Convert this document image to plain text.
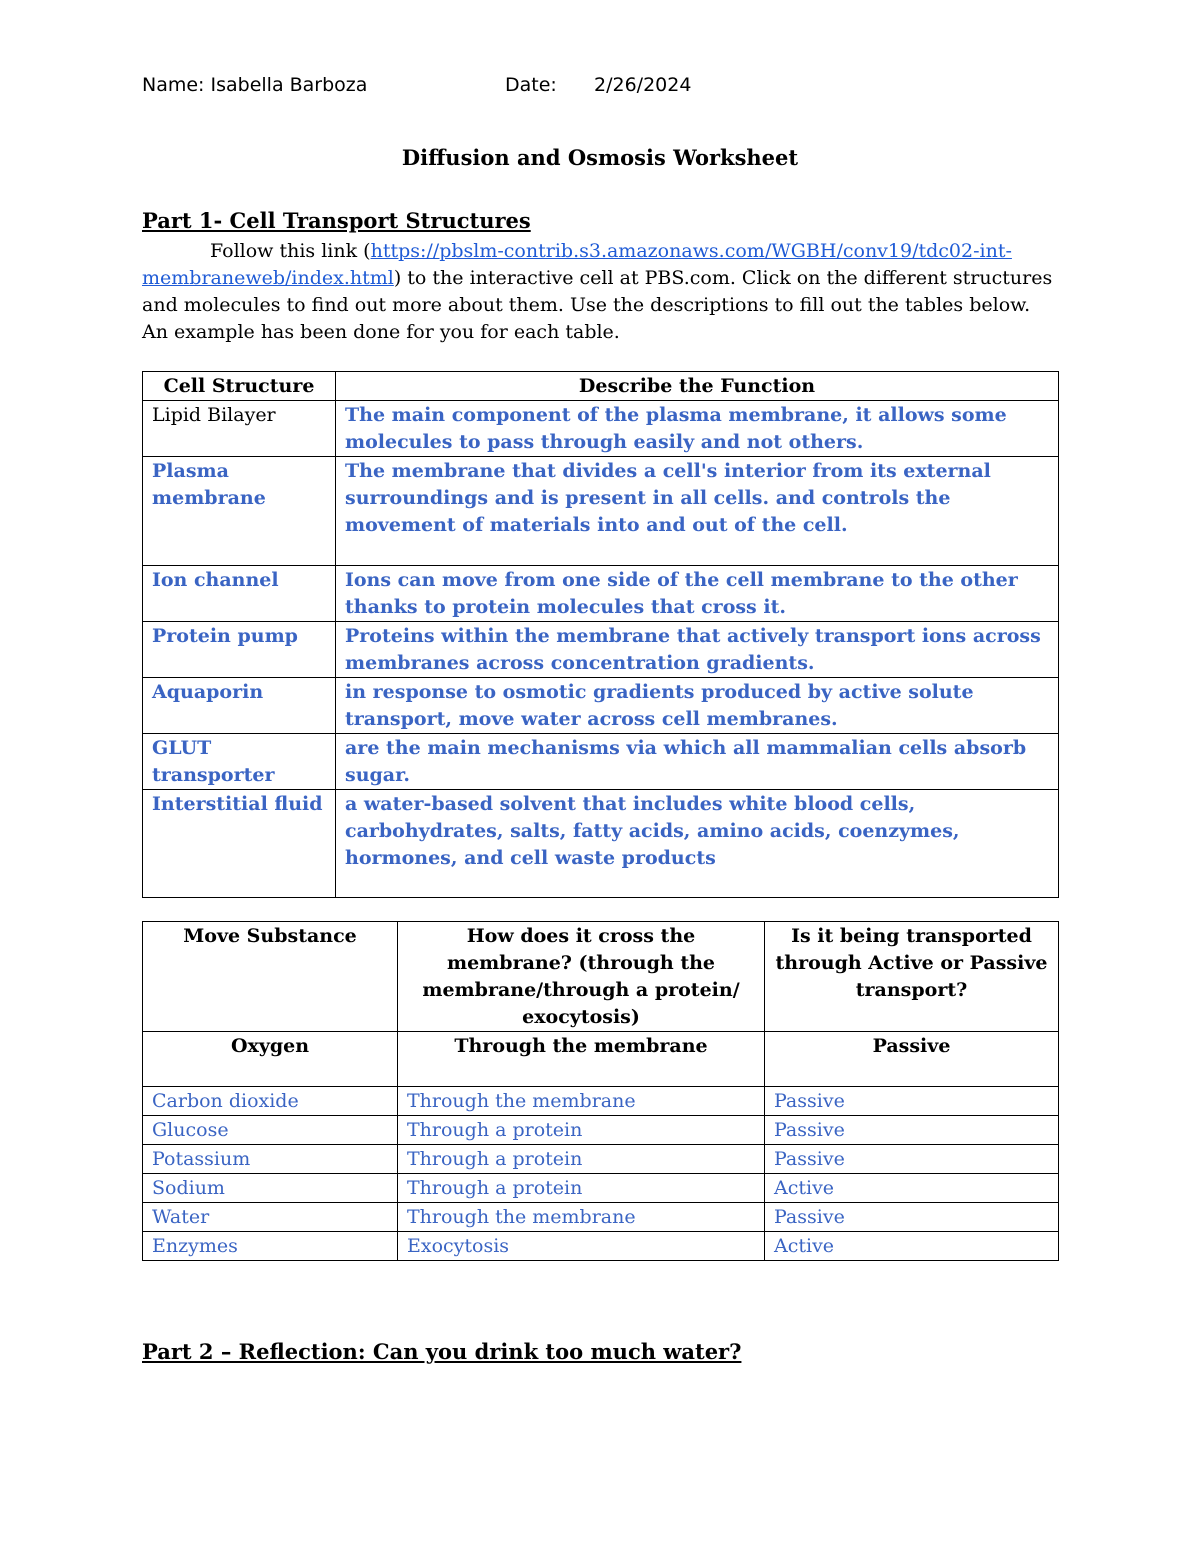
Name: Isabella Barboza	Date: 2/26/2024
Diffusion and Osmosis Worksheet
Part 1- Cell Transport Structures
Follow this link (https://pbslm-contrib.s3.amazonaws.com/WGBH/conv19/tdc02-int-membraneweb/index.html) to the interactive cell at PBS.com. Click on the different structures and molecules to find out more about them. Use the descriptions to fill out the tables below. An example has been done for you for each table.
Cell Structure	Describe the Function
Lipid Bilayer	The main component of the plasma membrane, it allows some molecules to pass through easily and not others.
Plasma membrane	The membrane that divides a cell's interior from its external surroundings and is present in all cells. and controls the movement of materials into and out of the cell.
Ion channel	Ions can move from one side of the cell membrane to the other thanks to protein molecules that cross it.
Protein pump	Proteins within the membrane that actively transport ions across membranes across concentration gradients.
Aquaporin	in response to osmotic gradients produced by active solute transport, move water across cell membranes.
GLUT transporter	are the main mechanisms via which all mammalian cells absorb sugar.
Interstitial fluid	a water-based solvent that includes white blood cells, carbohydrates, salts, fatty acids, amino acids, coenzymes, hormones, and cell waste products
Move Substance	How does it cross the membrane? (through the membrane/through a protein/ exocytosis)	Is it being transported through Active or Passive transport?
Oxygen	Through the membrane	Passive
Carbon dioxide	Through the membrane	Passive
Glucose	Through a protein	Passive
Potassium	Through a protein	Passive
Sodium	Through a protein	Active
Water	Through the membrane	Passive
Enzymes	Exocytosis	Active
Part 2 – Reflection: Can you drink too much water?
